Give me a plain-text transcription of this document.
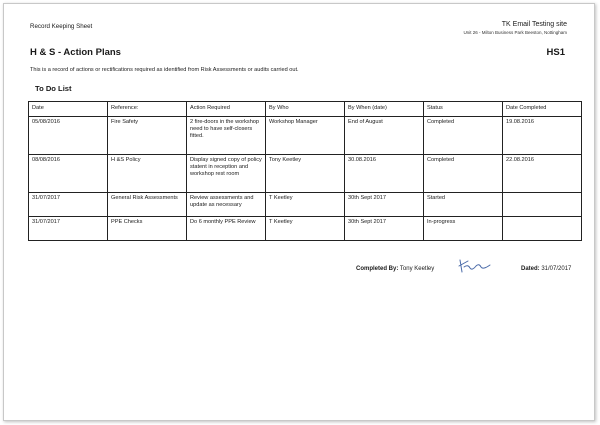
Record Keeping Sheet	TK Email Testing site
Unit 26 - Milton Business Park Beeston, Nottingham
H & S - Action Plans	HS1
This is a record of actions or rectifications required as identified from Risk Assessments or audits carried out.
To Do List
Date	Reference:	Action Required	By Who	By When (date)	Status	Date Completed
05/08/2016	Fire Safety	2 fire-doors in the workshop need to have self-closers fitted.	Workshop Manager	End of August	Completed	19.08.2016
08/08/2016	H &S Policy	Display signed copy of policy statent in reception and workshop rest room	Tony Keetley	30.08.2016	Completed	22.08.2016
31/07/2017	General Risk Assessments	Review assessments and update as necessary	T Keetley	30th Sept 2017	Started	
31/07/2017	PPE Checks	Do 6 monthly PPE Review	T Keetley	30th Sept 2017	In-progress	
Completed By: Tony Keetley	Dated: 31/07/2017
